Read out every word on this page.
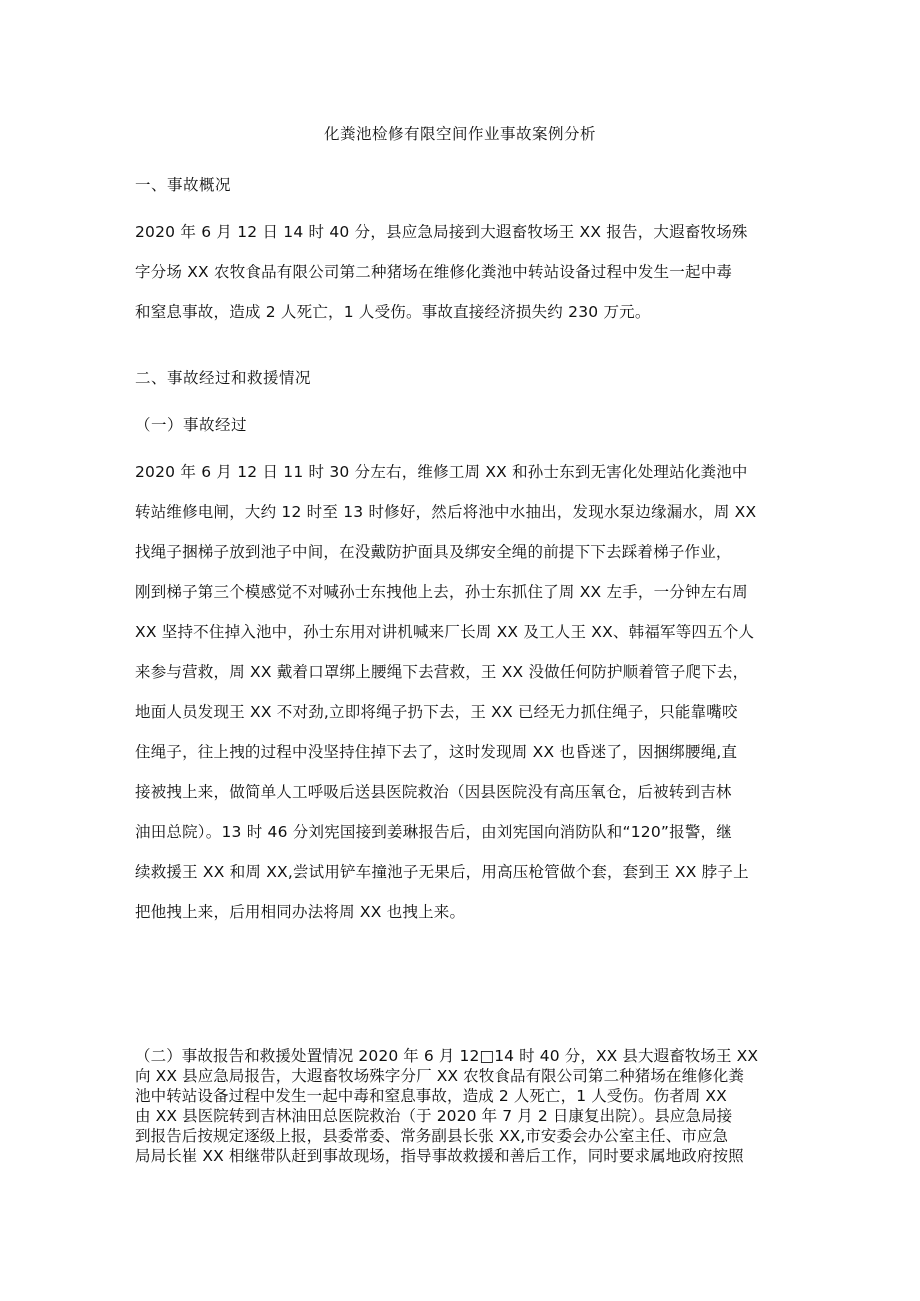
化粪池检修有限空间作业事故案例分析
一、事故概况
2020 年 6 月 12 日 14 时 40 分，县应急局接到大遐畜牧场王 XX 报告，大遐畜牧场殊
字分场 XX 农牧食品有限公司第二种猪场在维修化粪池中转站设备过程中发生一起中毒
和窒息事故，造成 2 人死亡，1 人受伤。事故直接经济损失约 230 万元。
二、事故经过和救援情况
（一）事故经过
2020 年 6 月 12 日 11 时 30 分左右，维修工周 XX 和孙士东到无害化处理站化粪池中
转站维修电闸，大约 12 时至 13 时修好，然后将池中水抽出，发现水泵边缘漏水，周 XX
找绳子捆梯子放到池子中间，在没戴防护面具及绑安全绳的前提下下去踩着梯子作业，
刚到梯子第三个模感觉不对喊孙士东拽他上去，孙士东抓住了周 XX 左手，一分钟左右周
XX 坚持不住掉入池中，孙士东用对讲机喊来厂长周 XX 及工人王 XX、韩福军等四五个人
来参与营救，周 XX 戴着口罩绑上腰绳下去营救，王 XX 没做任何防护顺着管子爬下去，
地面人员发现王 XX 不对劲,立即将绳子扔下去，王 XX 已经无力抓住绳子，只能靠嘴咬
住绳子，往上拽的过程中没坚持住掉下去了，这时发现周 XX 也昏迷了，因捆绑腰绳,直
接被拽上来，做简单人工呼吸后送县医院救治（因县医院没有高压氧仓，后被转到吉林
油田总院）。13 时 46 分刘宪国接到姜琳报告后，由刘宪国向消防队和“120”报警，继
续救援王 XX 和周 XX,尝试用铲车撞池子无果后，用高压枪管做个套，套到王 XX 脖子上
把他拽上来，后用相同办法将周 XX 也拽上来。
（二）事故报告和救援处置情况 2020 年 6 月 12□14 时 40 分，XX 县大遐畜牧场王 XX
向 XX 县应急局报告，大遐畜牧场殊字分厂 XX 农牧食品有限公司第二种猪场在维修化粪
池中转站设备过程中发生一起中毒和窒息事故，造成 2 人死亡，1 人受伤。伤者周 XX
由 XX 县医院转到吉林油田总医院救治（于 2020 年 7 月 2 日康复出院）。县应急局接
到报告后按规定逐级上报，县委常委、常务副县长张 XX,市安委会办公室主任、市应急
局局长崔 XX 相继带队赶到事故现场，指导事故救援和善后工作，同时要求属地政府按照
